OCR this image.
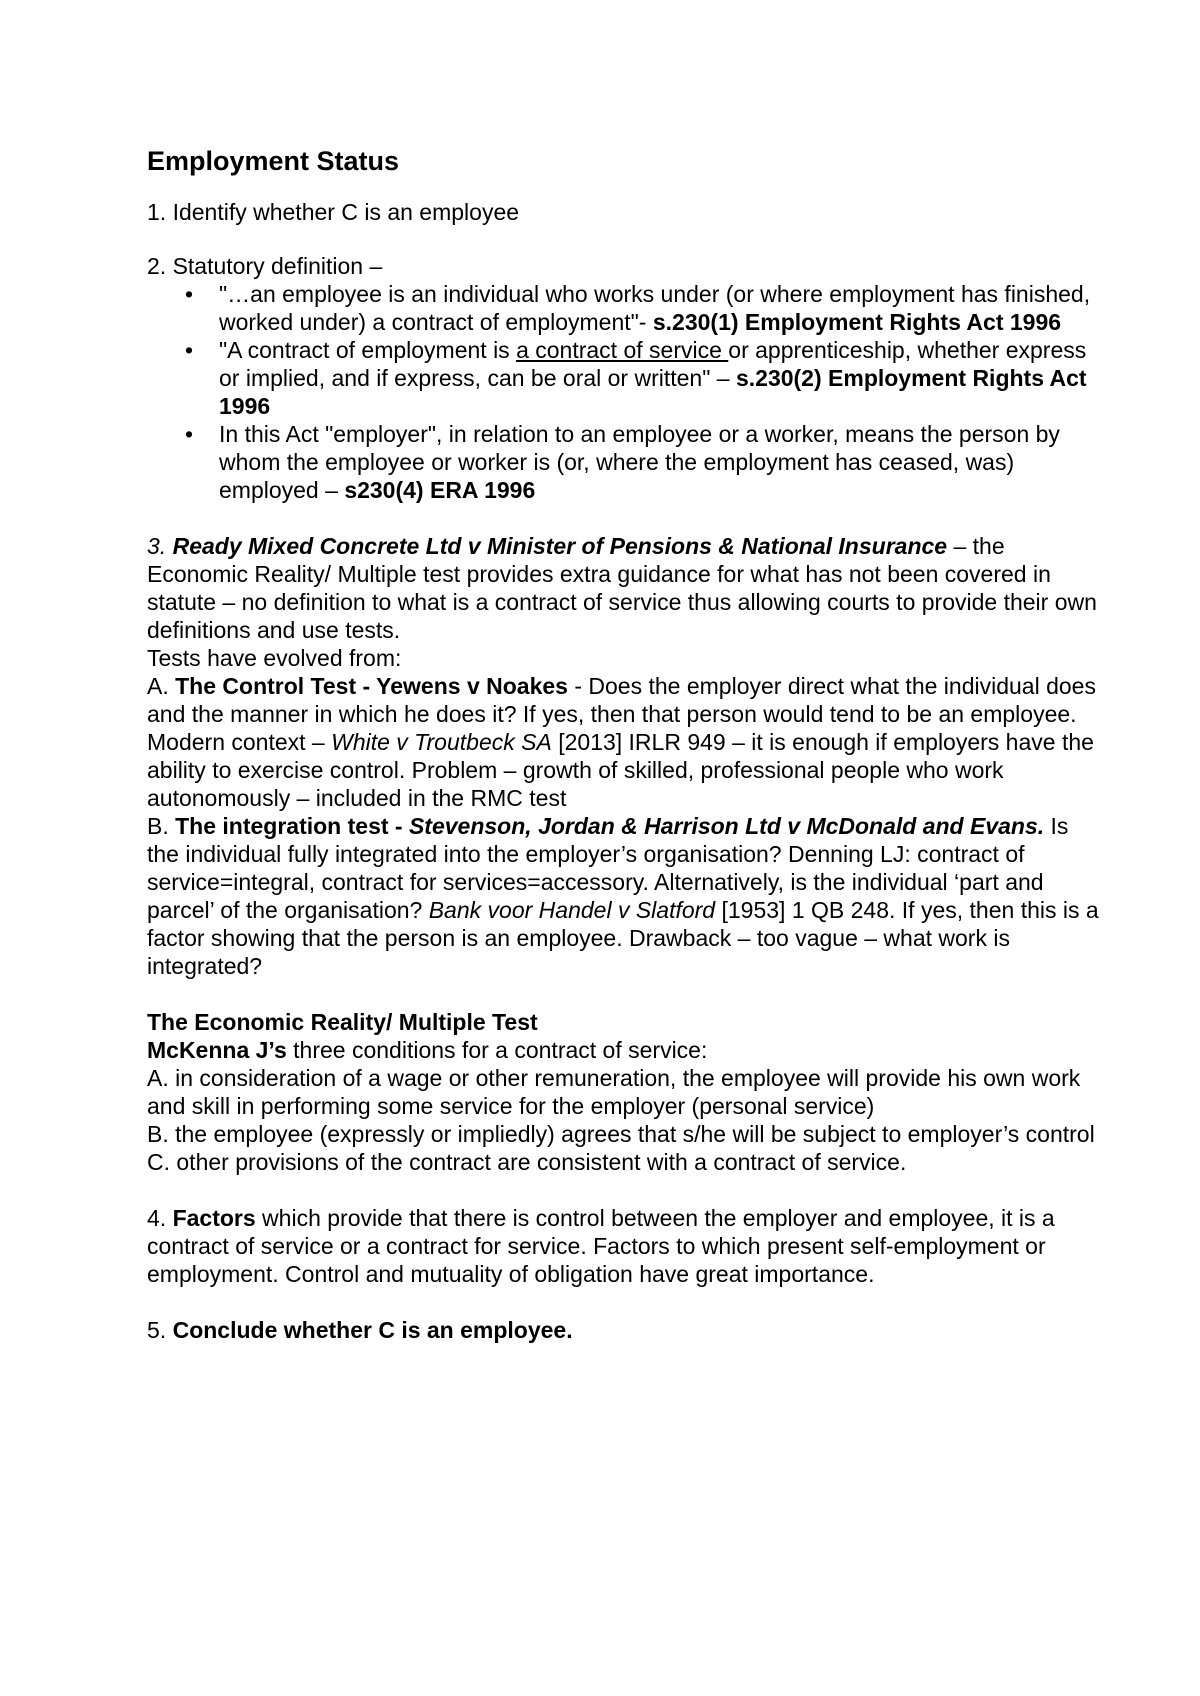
Employment Status

1. Identify whether C is an employee

2. Statutory definition –

• "…an employee is an individual who works under (or where employment has finished, worked under) a contract of employment"- s.230(1) Employment Rights Act 1996
• "A contract of employment is a contract of service or apprenticeship, whether express or implied, and if express, can be oral or written" – s.230(2) Employment Rights Act 1996
• In this Act "employer", in relation to an employee or a worker, means the person by whom the employee or worker is (or, where the employment has ceased, was) employed – s230(4) ERA 1996

3. Ready Mixed Concrete Ltd v Minister of Pensions & National Insurance – the Economic Reality/ Multiple test provides extra guidance for what has not been covered in statute – no definition to what is a contract of service thus allowing courts to provide their own definitions and use tests.

Tests have evolved from:

A. The Control Test - Yewens v Noakes - Does the employer direct what the individual does and the manner in which he does it? If yes, then that person would tend to be an employee. Modern context – White v Troutbeck SA [2013] IRLR 949 – it is enough if employers have the ability to exercise control. Problem – growth of skilled, professional people who work autonomously – included in the RMC test

B. The integration test - Stevenson, Jordan & Harrison Ltd v McDonald and Evans. Is the individual fully integrated into the employer’s organisation? Denning LJ: contract of service=integral, contract for services=accessory. Alternatively, is the individual ‘part and parcel’ of the organisation? Bank voor Handel v Slatford [1953] 1 QB 248. If yes, then this is a factor showing that the person is an employee. Drawback – too vague – what work is integrated?

The Economic Reality/ Multiple Test

McKenna J’s three conditions for a contract of service:

A. in consideration of a wage or other remuneration, the employee will provide his own work and skill in performing some service for the employer (personal service)

B. the employee (expressly or impliedly) agrees that s/he will be subject to employer’s control

C. other provisions of the contract are consistent with a contract of service.

4. Factors which provide that there is control between the employer and employee, it is a contract of service or a contract for service. Factors to which present self-employment or employment. Control and mutuality of obligation have great importance.

5. Conclude whether C is an employee.
